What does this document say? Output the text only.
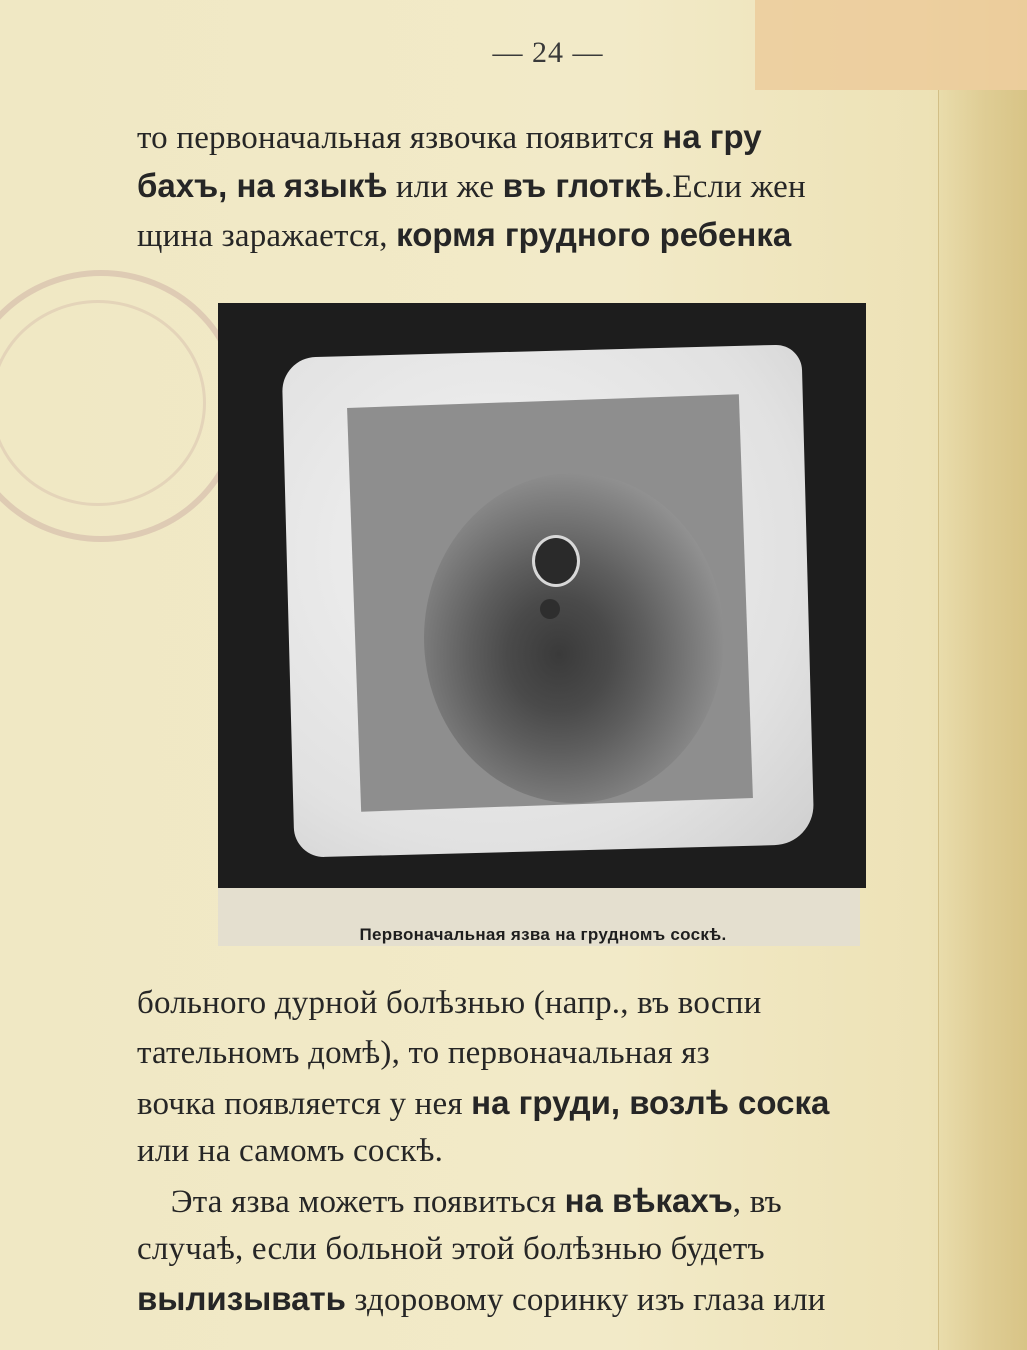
— 24 —
то первоначальная язвочка появится на гру
бахъ, на языкѣ или же въ глоткѣ.Если жен
щина заражается, кормя грудного ребенка
Первоначальная язва на грудномъ соскѣ.
больного дурной болѣзнью (напр., въ воспи
тательномъ домѣ), то первоначальная яз
вочка появляется у нея на груди, возлѣ соска
или на самомъ соскѣ.
Эта язва можетъ появиться на вѣкахъ, въ
случаѣ, если больной этой болѣзнью будетъ
вылизывать здоровому соринку изъ глаза или
